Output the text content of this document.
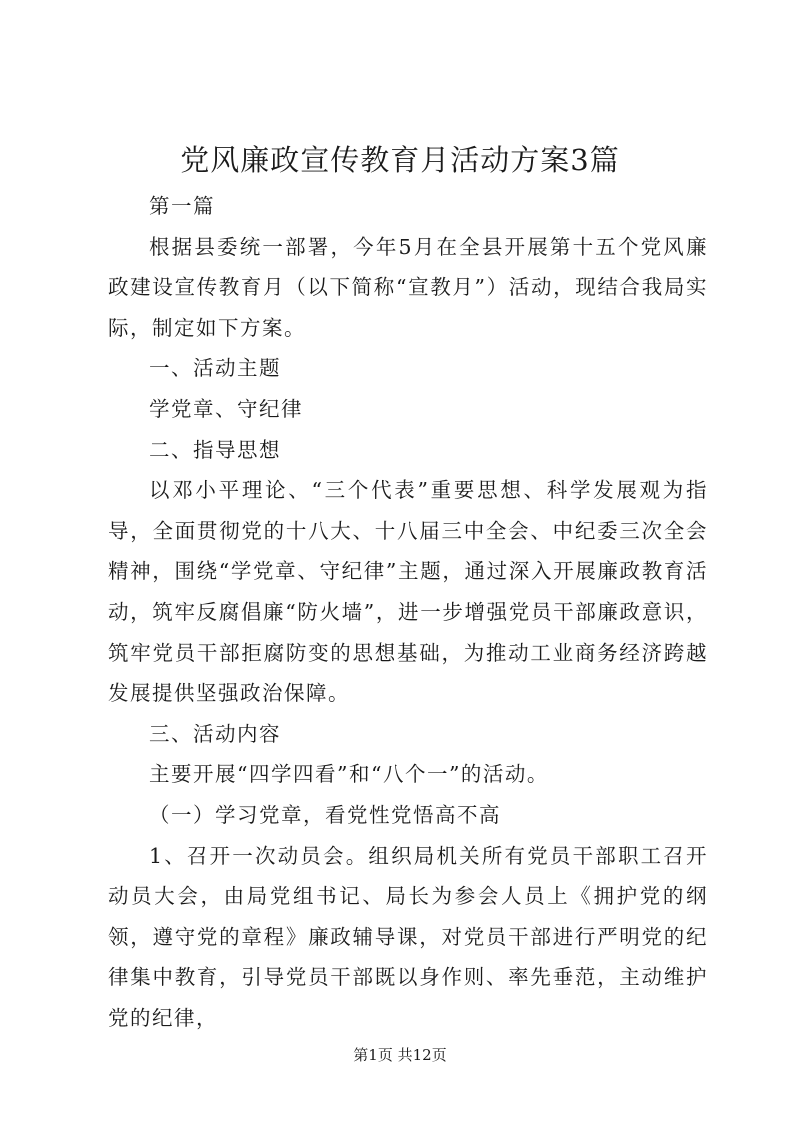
党风廉政宣传教育月活动方案3篇

第一篇

根据县委统一部署，今年5月在全县开展第十五个党风廉政建设宣传教育月（以下简称“宣教月”）活动，现结合我局实际，制定如下方案。

一、活动主题

学党章、守纪律

二、指导思想

以邓小平理论、“三个代表”重要思想、科学发展观为指导，全面贯彻党的十八大、十八届三中全会、中纪委三次全会精神，围绕“学党章、守纪律”主题，通过深入开展廉政教育活动，筑牢反腐倡廉“防火墙”，进一步增强党员干部廉政意识，筑牢党员干部拒腐防变的思想基础，为推动工业商务经济跨越发展提供坚强政治保障。

三、活动内容

主要开展“四学四看”和“八个一”的活动。

（一）学习党章，看党性党悟高不高

1、召开一次动员会。组织局机关所有党员干部职工召开动员大会，由局党组书记、局长为参会人员上《拥护党的纲领，遵守党的章程》廉政辅导课，对党员干部进行严明党的纪律集中教育，引导党员干部既以身作则、率先垂范，主动维护党的纪律，

第1页 共12页
